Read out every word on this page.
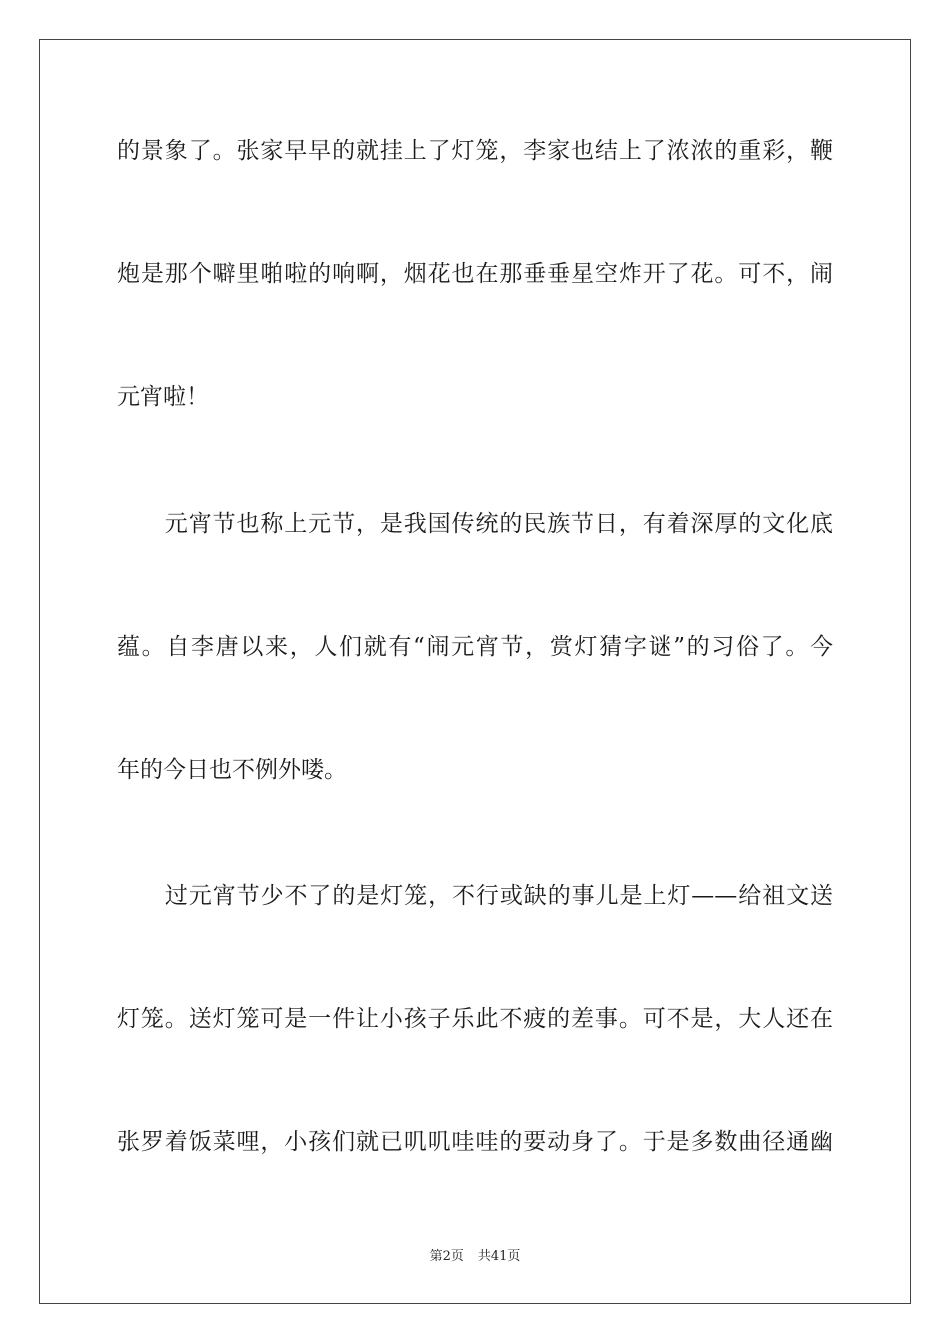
的景象了。张家早早的就挂上了灯笼，李家也结上了浓浓的重彩，鞭
炮是那个噼里啪啦的响啊，烟花也在那垂垂星空炸开了花。可不，闹
元宵啦！
　　元宵节也称上元节，是我国传统的民族节日，有着深厚的文化底
蕴。自李唐以来，人们就有“闹元宵节，赏灯猜字谜”的习俗了。今
年的今日也不例外喽。
　　过元宵节少不了的是灯笼，不行或缺的事儿是上灯——给祖文送
灯笼。送灯笼可是一件让小孩子乐此不疲的差事。可不是，大人还在
张罗着饭菜哩，小孩们就已叽叽哇哇的要动身了。于是多数曲径通幽
第2页 共41页
